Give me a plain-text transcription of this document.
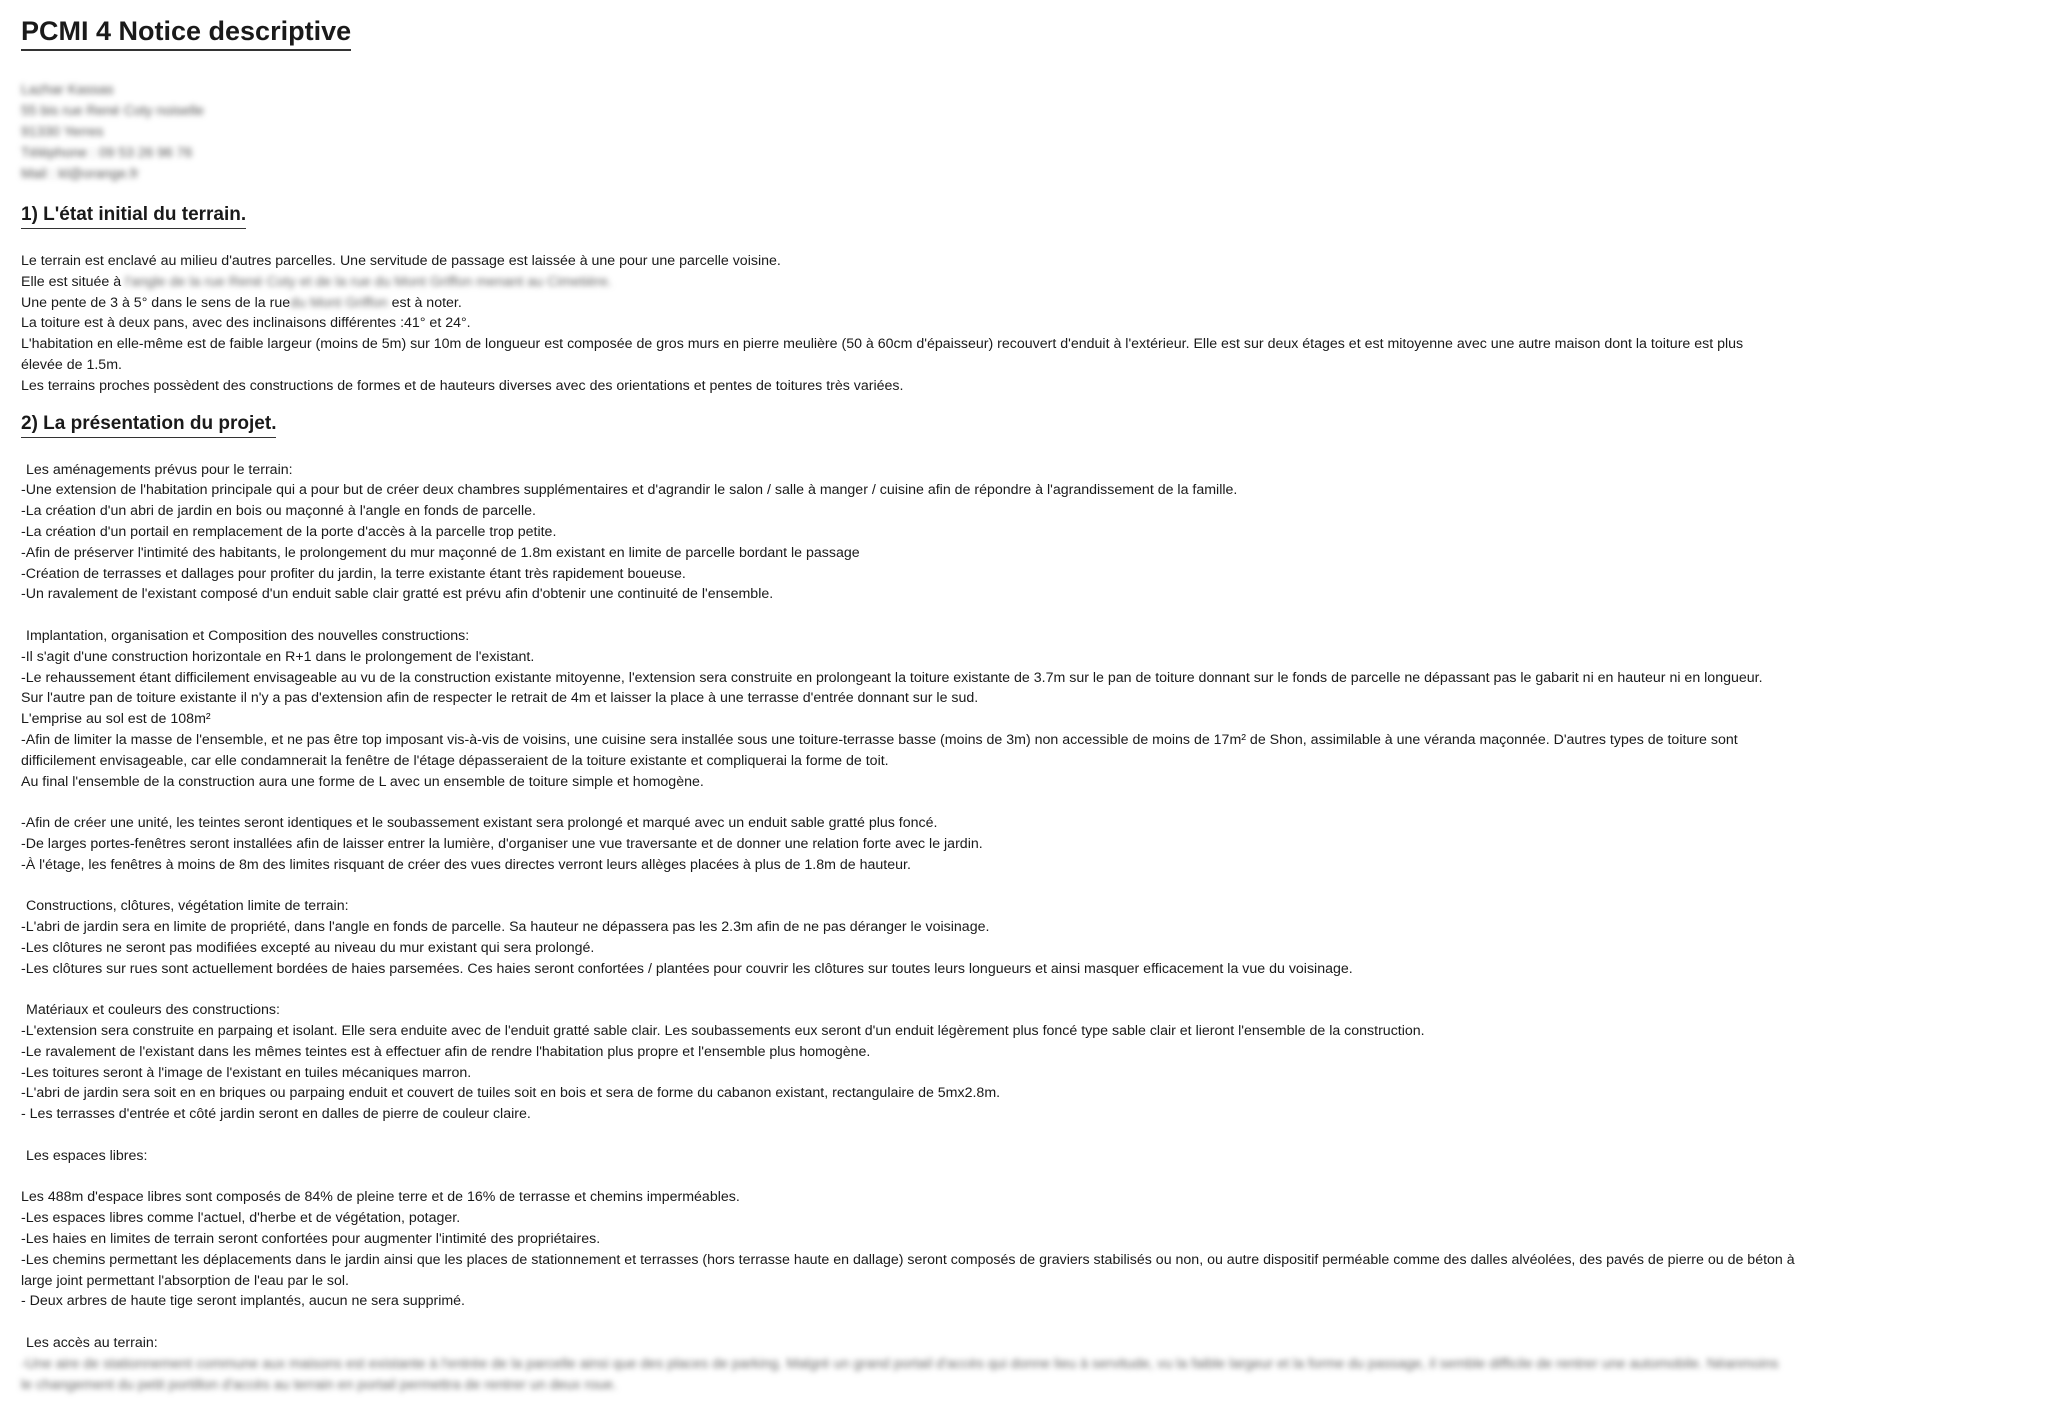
PCMI 4 Notice descriptive
Lazhar Kassas
55 bis rue René Coty noiselle
91330 Yerres
Téléphone : 09 53 26 96 76
Mail : kl@orange.fr
1) L'état initial du terrain.
Le terrain est enclavé au milieu d'autres parcelles. Une servitude de passage est laissée à une pour une parcelle voisine.
Elle est située à l'angle de la rue René Coty et de la rue du Mont Griffon menant au Cimetière.
Une pente de 3 à 5° dans le sens de la ruedu Mont Griffon est à noter.
La toiture est à deux pans, avec des inclinaisons différentes :41° et 24°.
L'habitation en elle-même est de faible largeur (moins de 5m) sur 10m de longueur est composée de gros murs en pierre meulière (50 à 60cm d'épaisseur) recouvert d'enduit à l'extérieur. Elle est sur deux étages et est mitoyenne avec une autre maison dont la toiture est plus
élevée de 1.5m.
Les terrains proches possèdent des constructions de formes et de hauteurs diverses avec des orientations et pentes de toitures très variées.
2) La présentation du projet.
Les aménagements prévus pour le terrain:
-Une extension de l'habitation principale qui a pour but de créer deux chambres supplémentaires et d'agrandir le salon / salle à manger / cuisine afin de répondre à l'agrandissement de la famille.
-La création d'un abri de jardin en bois ou maçonné à l'angle en fonds de parcelle.
-La création d'un portail en remplacement de la porte d'accès à la parcelle trop petite.
-Afin de préserver l'intimité des habitants, le prolongement du mur maçonné de 1.8m existant en limite de parcelle bordant le passage
-Création de terrasses et dallages pour profiter du jardin, la terre existante étant très rapidement boueuse.
-Un ravalement de l'existant composé d'un enduit sable clair gratté est prévu afin d'obtenir une continuité de l'ensemble.
Implantation, organisation et Composition des nouvelles constructions:
-Il s'agit d'une construction horizontale en R+1 dans le prolongement de l'existant.
-Le rehaussement étant difficilement envisageable au vu de la construction existante mitoyenne, l'extension sera construite en prolongeant la toiture existante de 3.7m sur le pan de toiture donnant sur le fonds de parcelle ne dépassant pas le gabarit ni en hauteur ni en longueur.
Sur l'autre pan de toiture existante il n'y a pas d'extension afin de respecter le retrait de 4m et laisser la place à une terrasse d'entrée donnant sur le sud.
L'emprise au sol est de 108m²
-Afin de limiter la masse de l'ensemble, et ne pas être top imposant vis-à-vis de voisins, une cuisine sera installée sous une toiture-terrasse basse (moins de 3m) non accessible de moins de 17m² de Shon, assimilable à une véranda maçonnée. D'autres types de toiture sont
difficilement envisageable, car elle condamnerait la fenêtre de l'étage dépasseraient de la toiture existante et compliquerai la forme de toit.
Au final l'ensemble de la construction aura une forme de L avec un ensemble de toiture simple et homogène.
-Afin de créer une unité, les teintes seront identiques et le soubassement existant sera prolongé et marqué avec un enduit sable gratté plus foncé.
-De larges portes-fenêtres seront installées afin de laisser entrer la lumière, d'organiser une vue traversante et de donner une relation forte avec le jardin.
-À l'étage, les fenêtres à moins de 8m des limites risquant de créer des vues directes verront leurs allèges placées à plus de 1.8m de hauteur.
Constructions, clôtures, végétation limite de terrain:
-L'abri de jardin sera en limite de propriété, dans l'angle en fonds de parcelle. Sa hauteur ne dépassera pas les 2.3m afin de ne pas déranger le voisinage.
-Les clôtures ne seront pas modifiées excepté au niveau du mur existant qui sera prolongé.
-Les clôtures sur rues sont actuellement bordées de haies parsemées. Ces haies seront confortées / plantées pour couvrir les clôtures sur toutes leurs longueurs et ainsi masquer efficacement la vue du voisinage.
Matériaux et couleurs des constructions:
-L'extension sera construite en parpaing et isolant. Elle sera enduite avec de l'enduit gratté sable clair. Les soubassements eux seront d'un enduit légèrement plus foncé type sable clair et lieront l'ensemble de la construction.
-Le ravalement de l'existant dans les mêmes teintes est à effectuer afin de rendre l'habitation plus propre et l'ensemble plus homogène.
-Les toitures seront à l'image de l'existant en tuiles mécaniques marron.
-L'abri de jardin sera soit en en briques ou parpaing enduit et couvert de tuiles soit en bois et sera de forme du cabanon existant, rectangulaire de 5mx2.8m.
- Les terrasses d'entrée et côté jardin seront en dalles de pierre de couleur claire.
Les espaces libres:
Les 488m d'espace libres sont composés de 84% de pleine terre et de 16% de terrasse et chemins imperméables.
-Les espaces libres comme l'actuel, d'herbe et de végétation, potager.
-Les haies en limites de terrain seront confortées pour augmenter l'intimité des propriétaires.
-Les chemins permettant les déplacements dans le jardin ainsi que les places de stationnement et terrasses (hors terrasse haute en dallage) seront composés de graviers stabilisés ou non, ou autre dispositif perméable comme des dalles alvéolées, des pavés de pierre ou de béton à
large joint permettant l'absorption de l'eau par le sol.
- Deux arbres de haute tige seront implantés, aucun ne sera supprimé.
Les accès au terrain:
-Une aire de stationnement commune aux maisons est existante à l'entrée de la parcelle ainsi que des places de parking. Malgré un grand portail d'accès qui donne lieu à servitude, vu la faible largeur et la forme du passage, il semble difficile de rentrer une automobile. Néanmoins
le changement du petit portillon d'accès au terrain en portail permettra de rentrer un deux roue.
